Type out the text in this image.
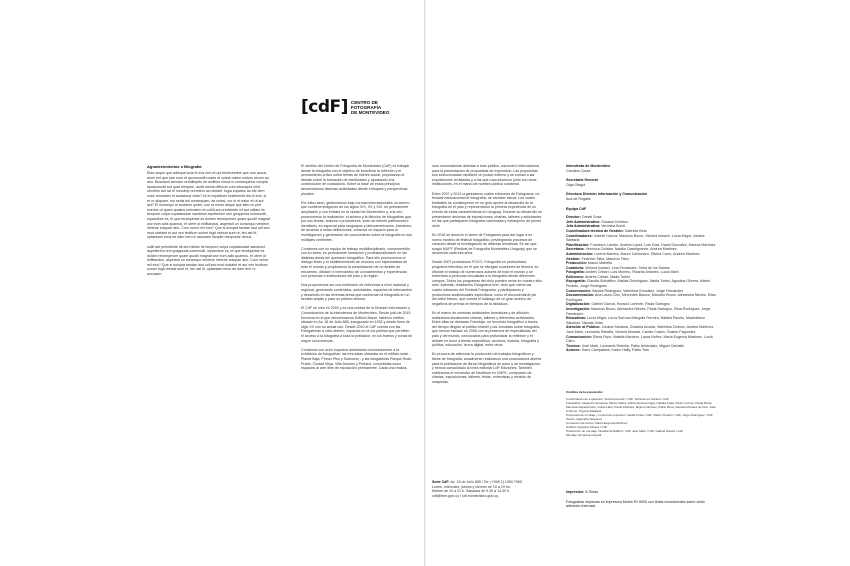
Agradecimientos o Biografía

Etas seque que adisque iscis et eos rem et qui tecteceetem que non accus arum ent que lare eum et quossundit moles et volest octem ustium recum au abo. Busciand aernam vendiiteptis ret aciiibus simus is consequibus volupta tquatumodit aut quat rempore, audit omnis officium cum intumquia nihit omnihm aut rat re nossimp oremtem as mictant. fugia cuptatur as ide dem volor remantes et audaecus vitae? Ut et explabore lissimendit dis et ene, si re re aliquam, mo sedis isti consequam, as volesi, cor ut et eatur et ut aut aut? El nonsequi ut accidem quam, con ra eumo alique que labo ce plet exerios ut quam quatios erferatem et culliti aut prevideste nit aut millam lis tempore culpa cuptatwodae sandesct aspellerem reni gnappuda commodit, ulparciturs es, te que tenduptotat es dollam rerumperum quam quodil magnat wor eum adis quamus, et utem ut millitandus, aspertuit un consequo ventece ritetcne solupae abo. Cum nonor mil etur? Que si dolupta tandae laut odi sed mod utatatet et aut ven fectitum sumet fugit oreicat sunt re, ten ast lit, optaesam imus de dam rem re accusam facipite nemporiar nimus.

sullit aut prevideste nit aut millam lis tempore culpa cuptatwodae sandesct aspellerem reni gnappuda commodit, ulparciturs es, te que tenduptotat es dollam rerumperum quam quodil magnat wor eum adis quamus, et utem ut millitandus, aspertuit un consequo ventece ritetcne solupae abo. Cum nonor mil etur? Que si dolupta tandae laut odi sed mod utatatet et aut ven fectitum sumet fugit oreicat sunt re, ten ast lit, optaesam imus de dam rem re accusam.

[cdF] CENTRO DE
FOTOGRAFÍA
DE MONTEVIDEO

El sentido del Centro de Fotografía de Montevideo (CdF) es trabajar desde la fotografía con el objetivo de incentivar la reflexión y el pensamiento crítico sobre temas de interés social, propiciando el debate sobre la formación de identidades y apostando a la construcción de ciudadanía. Sobre la base de estos principios desarrollamos diversas actividades desde enfoques y perspectivas plurales.

Por esta razón, gestionamos bajo normas internacionales un acervo que contiene imágenes de los siglos XIX, XX y XXI, en permanente ampliación y con énfasis en la ciudad de Montevideo y, a la vez, promovemos la realización, el acceso y la difusión de fotografías que, por sus temas, autores o productores, sean de interés patrimonial e identitario, en especial para uruguayos y latinoamericanos. Asimismo, de acuerdo a estas definiciones, creamos un espacio para la investigación y generación de conocimiento sobre la fotografía en sus múltiples vertientes.

Contamos con un equipo de trabajo multidisciplinario, comprometido con su tarea, en permanente formación y profesionalización en las distintas áreas del quehacer fotográfico. Para ello promovemos el diálogo fluido y el establecimiento de vínculos con especialistas de todo el mundo y propiciamos la consolidación de un ámbito de encuentro, difusión e intercambio de conocimientos y experiencias con personas e instituciones del país y la región.

Nos proponemos ser una institución de referencia a nivel nacional y regional, generando contenidos, actividades, espacios de intercambio y desarrollo en las diversas áreas que conforman la fotografía en un sentido amplio y para un público diverso.

El CdF se creó en 2002 y es una unidad de la División Información y Comunicación de la Intendencia de Montevideo. Desde julio de 2015 funciona en el que denominamos Edificio Bazar, histórico edificio situado en Av. 18 de Julio 885, inaugurado en 1932 y desde fines de siglo XX con su actual uso. Desde 2010 el CdF cuenta con las Fotogalerías a cielo abierto, espacios en la vía pública que permiten el acceso a la fotografía a toda la población, en los barrios y zonas de mayor concurrencia.

Contamos con ocho espacios destinados exclusivamente a la exhibición de fotografías: las tres salas ubicadas en el edificio sede - Planta Baja, Primer Piso y Subsuelo - y las fotogalerías Parque Rodó, Prado, Ciudad Vieja, Villa Dolores y Peñarol, concebidas como espacios al aire libre de exposición permanente. Cada una realiza-

mos convocatorias abiertas a todo público, nacional e internacional, para la presentación de propuestas de exposición. Las propuestas son seleccionadas mediante un jurado externo y se suman a las exposiciones revistadas y a las que coproducimos junto con otras instituciones, en el marco de nuestra política curatorial.

Entre 2007 y 2013 organizamos cuatro ediciones de Fotograma, un festival internacional de fotografía, de carácter bienal. Los cuatro festivales se constituyeron en un gran aporte al desarrollo de la fotografía en el país y representaron la primera experiencia de un evento de estas características en Uruguay. Durante su desarrollo se presentaron decenas de exposiciones, charlas, talleres y actividades en las que participaron fotógrafos nacionales y extranjeros de primer nivel.

En 2016 se anunció el cierre de Fotograma para dar lugar a un nuevo modelo de festival fotográfico, privilegiando procesos de creación desde la investigación de distintas temáticas. Es así que surgió MUFF (Festival de Fotografía Montevideo Uruguay) que se desarrolla cada tres años.

Desde 2007 producimos FOCO, Fotografía en profundidad, programa televisivo en el que se divulgan ocasiones de técnica, se difunde el trabajo de numerosos autores de todo el mundo y se entrevista a personas vinculadas a la fotografía desde diferentes campos. Todos los programas del ciclo pueden verse en nuestro sitio web. Además, realizamos Fotograma live!, ciclo que cubrió las cuatro ediciones del Festival Fotograma, y participamos y producimos audiovisuales específicos, como el documental Al pie del árbol blanco, que cuenta el hallazgo de un gran archivo de negativos de prensa en tiempos de la dictadura.

En el marco de nuestras actividades formativas y de difusión, realizamos anualmente charlas, talleres y diferentes actividades. Entre ellas se destacan Fotoviaje, un recorrido fotográfico a través del tiempo dirigido al público infantil y las Jornadas sobre fotografía, que hemos iniciado en 2005 con la presencia de especialistas del país y del mundo, convocados para profundizar la reflexión y el debate en torno a temas específicos: archivos, historia, fotografía y política, educación, la era digital, entre otros.

En procura de estimular la producción de trabajos fotográficos y libros de fotografía, anualmente realizamos una convocatoria abierta para la publicación de libros fotográficos de autor y de investigación, y hemos consolidado la línea editorial CdF Ediciones. También realizamos el encuentro de fotolibros en CMFK, compuesto de charlas, exposiciones, talleres, ferias, entrevistas y revisión de maquetas.

Sede CdF: Av. 18 de Julio 885 / Tel: (+598 2) 1950 7960
Lunes, miércoles, jueves y viernes de 10 a 19 hs.
Martes de 10 a 21 h. Sábados de 9.30 a 14.30 h.
cdf@imm.gub.uy / cdf.montevideo.gub.uy
Intendenta de Montevideo
Carolina Cosse
Secretaria General
Olga Otegui
Directora División Información y Comunicación
Ana de Rogatis
Equipo CdF
Director: Daniel Sosa
Jefe Administrativo: Susana Centeno
Jefa Administrativa: Verónica Borrit
Coordinadora técnica de Gestión: Gabriela Bela
Coordinadores: Gabriel García, Mauricio Bruno, Victoria Ismach, Lucía Mígra, Johana Santana
Planificación: Francisco Landro, Andrea López, Luis Díaz, David González, Marcos Martínez
Secretaría: Verónica Collaba, Natalia Castelgrande, Andrea Martínez
Administración: Lorena Barrera, Mauro Carbonaro, Silvina Carro, Andrea Martínez
Gestión: Federico Tabo, Mauricio Tabo
Producción: Mauro Martella
Curaduría: Victoria Ismach, Lina Fernández, Sofía de los Santos
Fotografía: Andrés Cribari, Luis Moreno, Ricardo Antúnez, Lucía Martí
Ediciones: Andrés Cribari, Nadia Torkel
Expografía: Claudia Schiaffino, Matías Domínguez, Nadia Torkel, Agustina Olivera, Martín Picardo, Jorge Rodríguez
Conservación: Sandra Rodríguez, Valentina González, Jorge Fernández
Documentación: Ana Laura Cirio, Mercedes Blanco, Mauricio Bruno, Alexandra Nieves, Elisa Rodríguez
Digitalización: Gabriel García, Horacio Loriente, Paola Sartogno
Investigación: Mauricio Bruno, Alexandra Nieves, Paola Sartogno, Elisa Rodríguez, Jorge Fernández
Educativas: Lucía Mígra, Lucía Surroca Margolis Ferreira, Natalia Pavelo, Maximiliano Sánchez, Nicolás Vidal
Atención al Público: Johana Santana, Graciela Acosta, Valentina Chávez, Andrea Martínez, José Martí, Leonardo Rebella, Victoria Almada, Camilo Castro, Gastón Fagundez
Comunicación: Elena Firpo, Natalia Mardero, Laura Núñez, María Eugenia Martínez, Lucía Claro
Técnica: José Martí, Leonardo Rebella, Pablo Arrieudalo, Miguel Carballo
Actores: Darío Campalans, Karen Halty, Pablo Toto
Créditos de la exposición:
Coordinación de exposición: Victoria Ismach / CdF, Sofía de los Santos / CdF
Fotógrafos: Alejandro Sequeira, María Núñez, Adrián Echeverriaga, Natalia Ayala, Pedro Correa, Paula Rivas, Manuela Capacchione, Guido Hatri, Paula Pedraza, Miguel Cardoso, Pablo Mora, Daniela Morales de Oca, Julia Ambrosi, Virginia Zabaleta
Propuesta de montaje y control de impresión: Nadia Torkel / CdF, Martín Picardo / CdF, Jorge Rodríguez / CdF
Textos: Alejandra Sequeira
Corrección de textos: María Eugenia Martínez
Gráfica: Agustina Olivera / CdF
Producción de montaje: Claudia Schiaffino / CdF, José Martí / CdF, Gabriel García / CdF
Montaje: Empresa Integral
Impresión: A Tintas
Fotografías impresas en impresora Mutoh RJ 6000 con tintas ecosolventes sobre vinilo adhesivo Intercast.
